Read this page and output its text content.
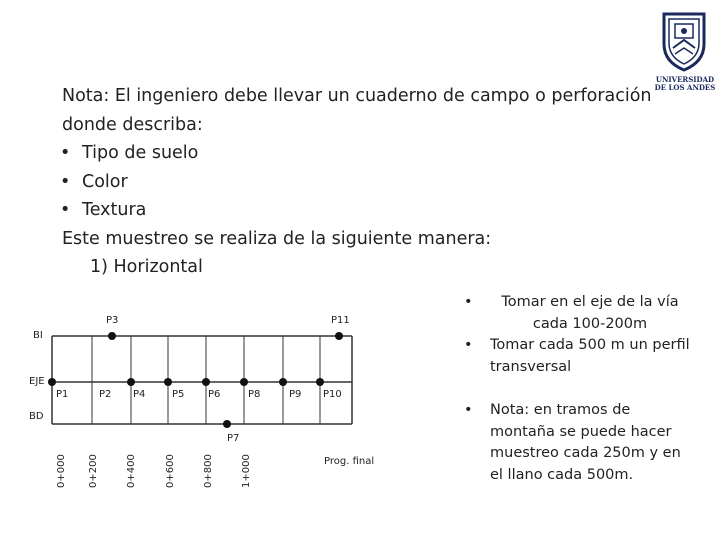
UNIVERSIDAD
DE LOS ANDES
Nota: El ingeniero debe llevar un cuaderno de campo o perforación
donde describa:
• Tipo de suelo
• Color
• Textura
Este muestreo se realiza de la siguiente manera:
1) Horizontal
• Tomar en el eje de la vía cada 100-200m
• Tomar cada 500 m un perfil transversal
• Nota: en tramos de montaña se puede hacer muestreo cada 250m y en el llano cada 500m.
BI
EJE
BD
P3	P11
P1	P2 P4	P5 P6	P8	P9 P10
P7
0+000 0+200	0+400	0+600	0+800	1+000	Prog. final
